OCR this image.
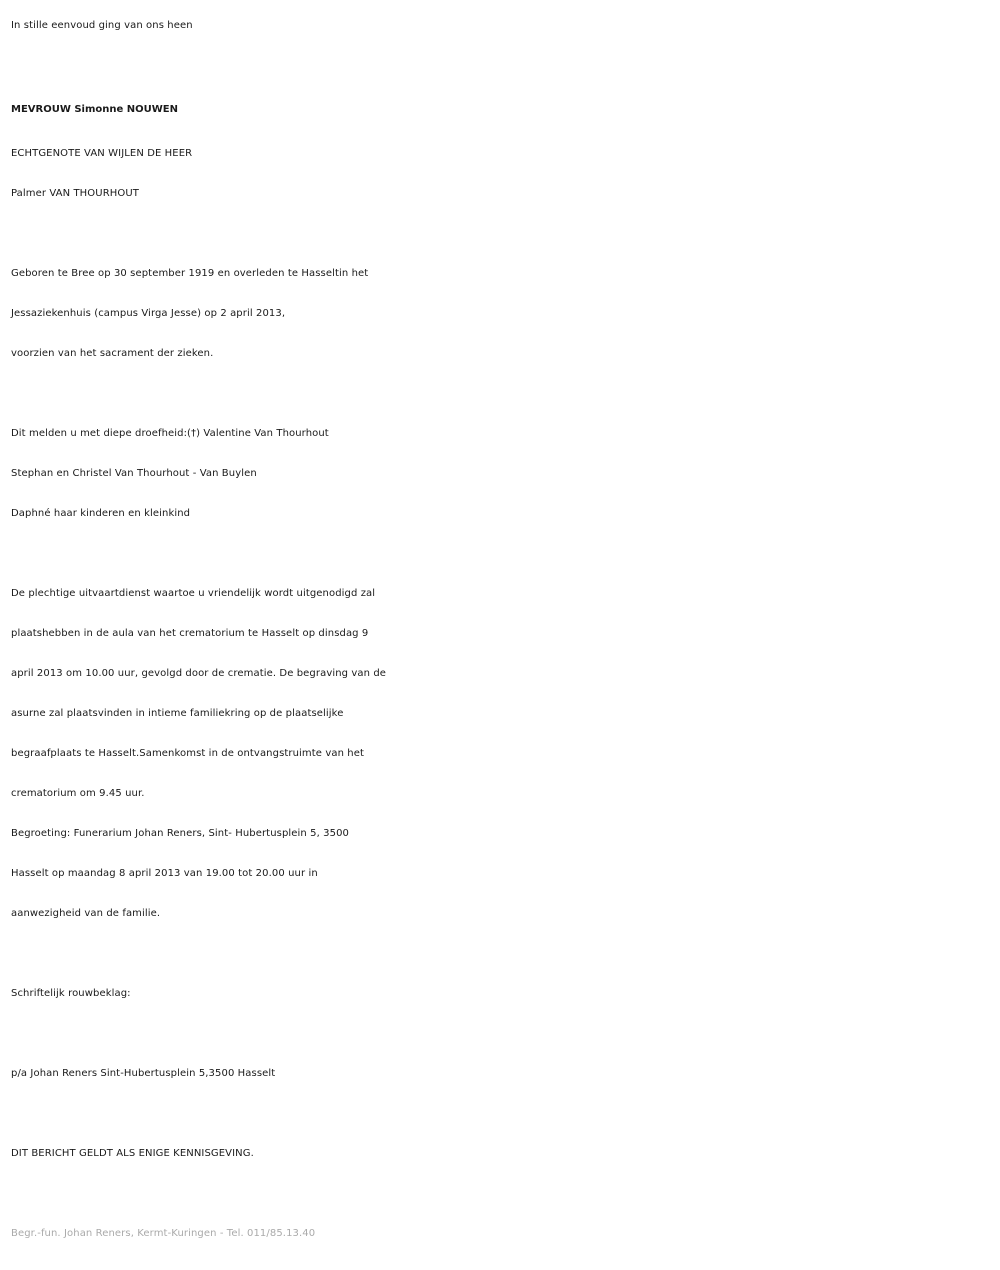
In stille eenvoud ging van ons heen
MEVROUW Simonne NOUWEN
ECHTGENOTE VAN WIJLEN DE HEER
Palmer VAN THOURHOUT
Geboren te Bree op 30 september 1919 en overleden te Hasseltin het
Jessaziekenhuis (campus Virga Jesse) op 2 april 2013,
voorzien van het sacrament der zieken.
Dit melden u met diepe droefheid:(†) Valentine Van Thourhout
Stephan en Christel Van Thourhout - Van Buylen
Daphné haar kinderen en kleinkind
De plechtige uitvaartdienst waartoe u vriendelijk wordt uitgenodigd zal
plaatshebben in de aula van het crematorium te Hasselt op dinsdag 9
april 2013 om 10.00 uur, gevolgd door de crematie. De begraving van de
asurne zal plaatsvinden in intieme familiekring op de plaatselijke
begraafplaats te Hasselt.Samenkomst in de ontvangstruimte van het
crematorium om 9.45 uur.
Begroeting: Funerarium Johan Reners, Sint- Hubertusplein 5, 3500
Hasselt op maandag 8 april 2013 van 19.00 tot 20.00 uur in
aanwezigheid van de familie.
Schriftelijk rouwbeklag:
p/a Johan Reners Sint-Hubertusplein 5,3500 Hasselt
DIT BERICHT GELDT ALS ENIGE KENNISGEVING.
Begr.-fun. Johan Reners, Kermt-Kuringen - Tel. 011/85.13.40
